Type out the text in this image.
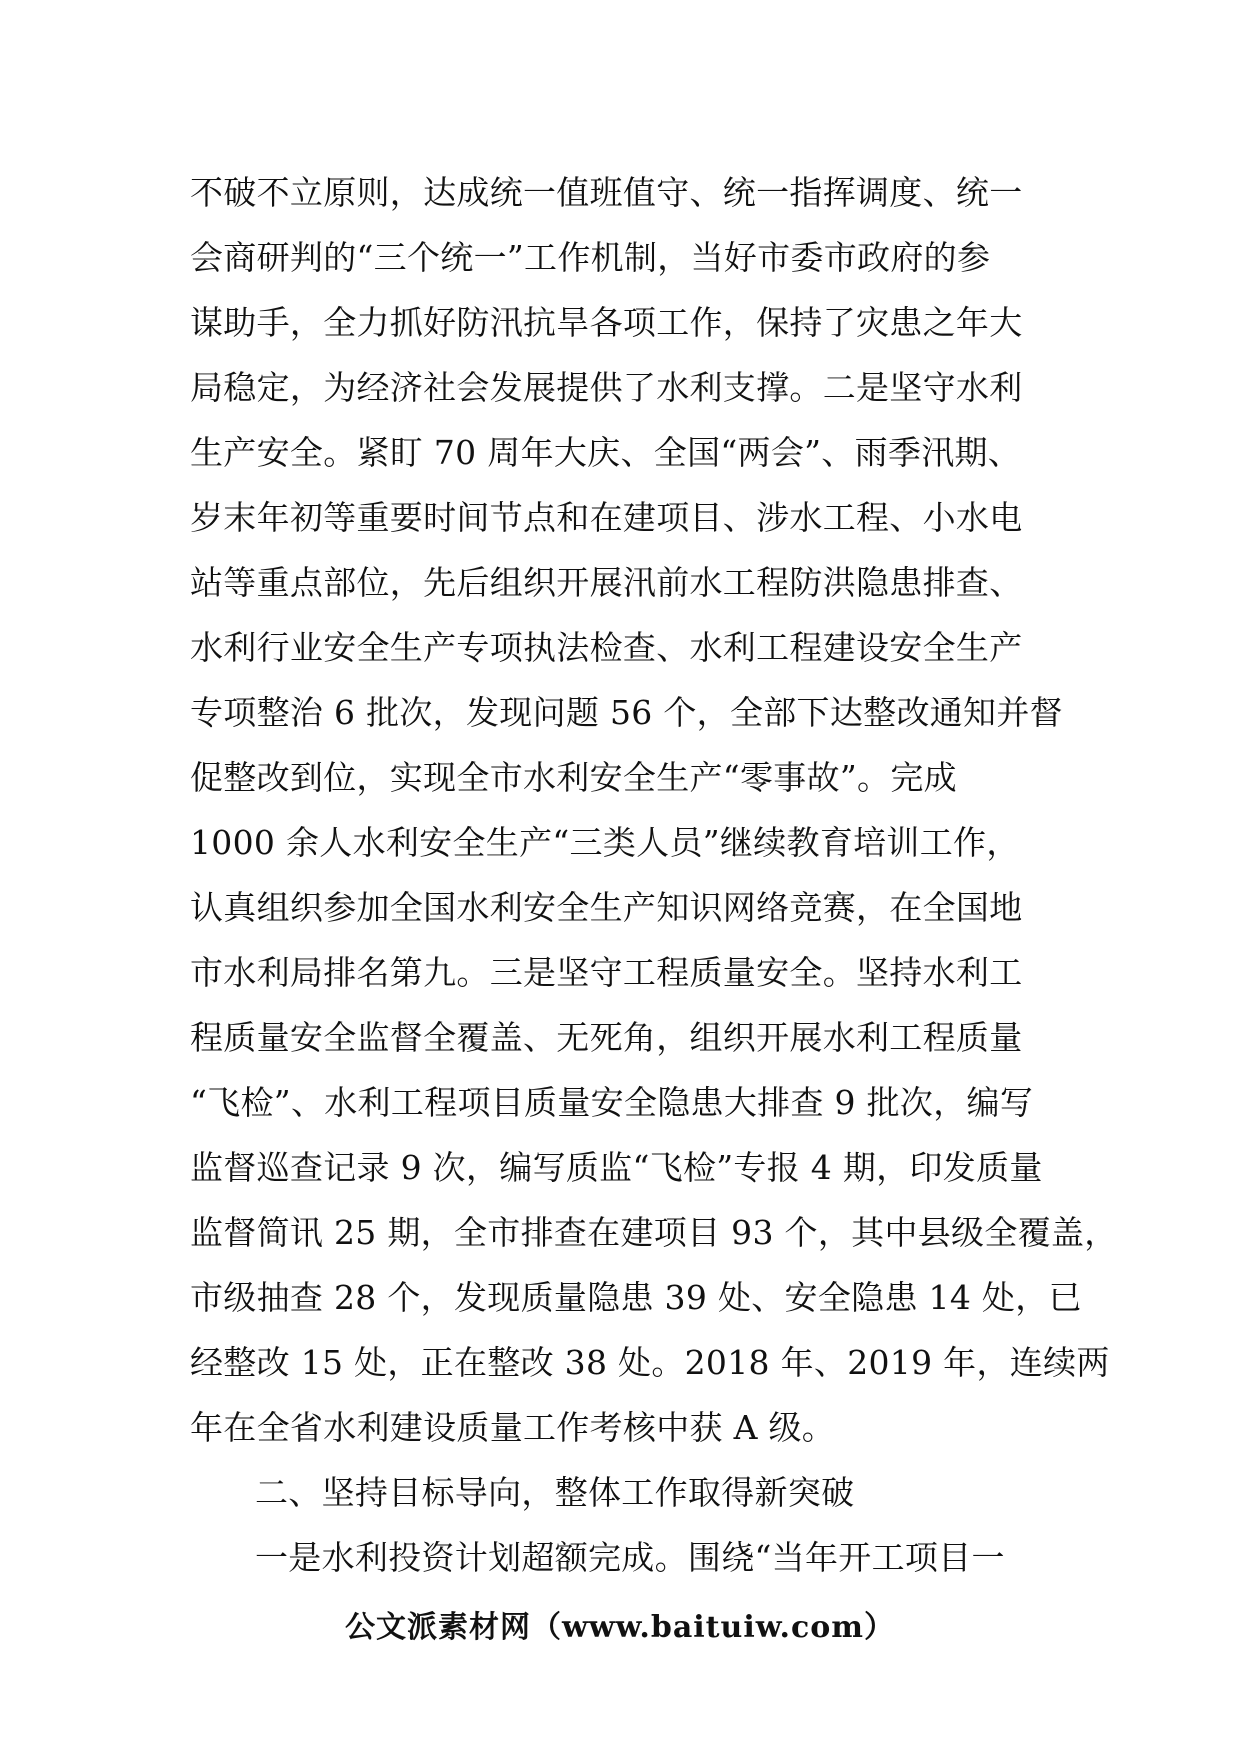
不破不立原则，达成统一值班值守、统一指挥调度、统一
会商研判的“三个统一”工作机制，当好市委市政府的参
谋助手，全力抓好防汛抗旱各项工作，保持了灾患之年大
局稳定，为经济社会发展提供了水利支撑。二是坚守水利
生产安全。紧盯 70 周年大庆、全国“两会”、雨季汛期、
岁末年初等重要时间节点和在建项目、涉水工程、小水电
站等重点部位，先后组织开展汛前水工程防洪隐患排查、
水利行业安全生产专项执法检查、水利工程建设安全生产
专项整治 6 批次，发现问题 56 个，全部下达整改通知并督
促整改到位，实现全市水利安全生产“零事故”。完成
1000 余人水利安全生产“三类人员”继续教育培训工作，
认真组织参加全国水利安全生产知识网络竞赛，在全国地
市水利局排名第九。三是坚守工程质量安全。坚持水利工
程质量安全监督全覆盖、无死角，组织开展水利工程质量
“飞检”、水利工程项目质量安全隐患大排查 9 批次，编写
监督巡查记录 9 次，编写质监“飞检”专报 4 期，印发质量
监督简讯 25 期，全市排查在建项目 93 个，其中县级全覆盖，
市级抽查 28 个，发现质量隐患 39 处、安全隐患 14 处，已
经整改 15 处，正在整改 38 处。2018 年、2019 年，连续两
年在全省水利建设质量工作考核中获 A 级。
二、坚持目标导向，整体工作取得新突破
一是水利投资计划超额完成。围绕“当年开工项目一
公文派素材网（www.baituiw.com）
